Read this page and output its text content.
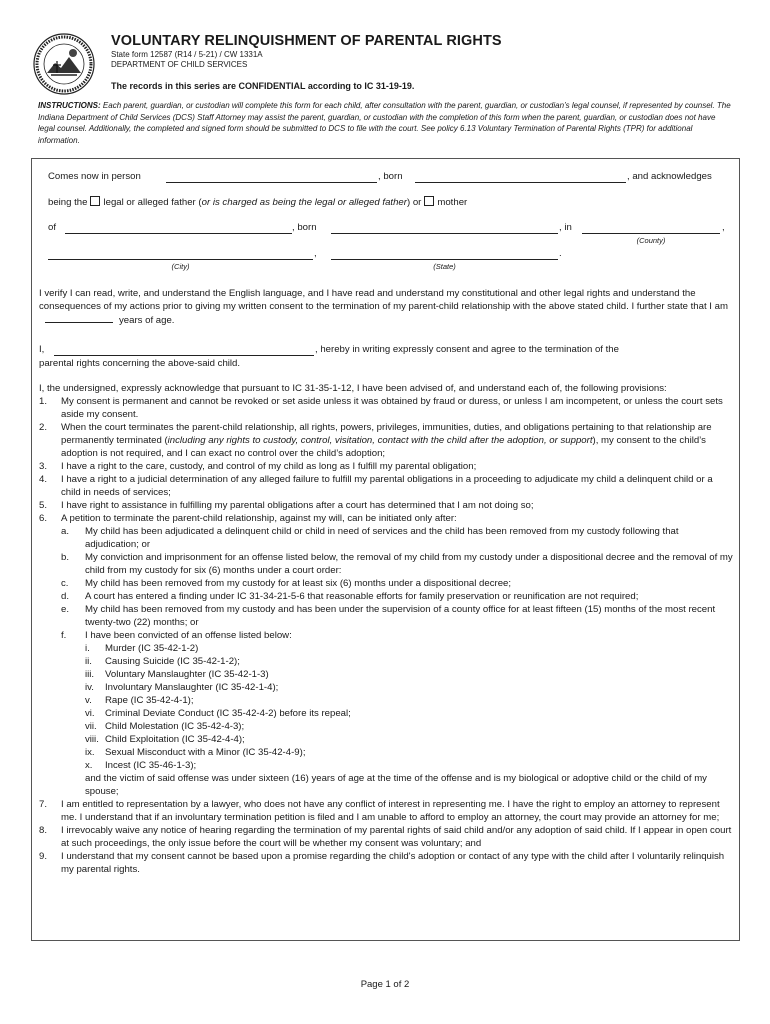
VOLUNTARY RELINQUISHMENT OF PARENTAL RIGHTS
State form 12587 (R14 / 5-21) / CW 1331A
DEPARTMENT OF CHILD SERVICES
The records in this series are CONFIDENTIAL according to IC 31-19-19.
INSTRUCTIONS: Each parent, guardian, or custodian will complete this form for each child, after consultation with the parent, guardian, or custodian’s legal counsel, if represented by counsel. The Indiana Department of Child Services (DCS) Staff Attorney may assist the parent, guardian, or custodian with the completion of this form when the parent, guardian, or custodian does not have legal counsel. Additionally, the completed and signed form should be submitted to DCS to file with the court. See policy 6.13 Voluntary Termination of Parental Rights (TPR) for additional information.
Comes now in person	, born	, and acknowledges
being the legal or alleged father (or is charged as being the legal or alleged father) or mother
of	, born	, in	,
(County)
,	.
(City)	(State)
I verify I can read, write, and understand the English language, and I have read and understand my constitutional and other legal rights and understand the consequences of my actions prior to giving my written consent to the termination of my parent-child relationship with the above stated child. I further state that I am years of age.
I,	, hereby in writing expressly consent and agree to the termination of the
parental rights concerning the above-said child.
I, the undersigned, expressly acknowledge that pursuant to IC 31-35-1-12, I have been advised of, and understand each of, the following provisions:
1. My consent is permanent and cannot be revoked or set aside unless it was obtained by fraud or duress, or unless I am incompetent, or unless the court sets aside my consent.
2. When the court terminates the parent-child relationship, all rights, powers, privileges, immunities, duties, and obligations pertaining to that relationship are permanently terminated (including any rights to custody, control, visitation, contact with the child after the adoption, or support), my consent to the child’s adoption is not required, and I can exact no control over the child’s adoption;
3. I have a right to the care, custody, and control of my child as long as I fulfill my parental obligation;
4. I have a right to a judicial determination of any alleged failure to fulfill my parental obligations in a proceeding to adjudicate my child a delinquent child or a child in needs of services;
5. I have right to assistance in fulfilling my parental obligations after a court has determined that I am not doing so;
6. A petition to terminate the parent-child relationship, against my will, can be initiated only after:
a. My child has been adjudicated a delinquent child or child in need of services and the child has been removed from my custody following that adjudication; or
b. My conviction and imprisonment for an offense listed below, the removal of my child from my custody under a dispositional decree and the removal of my child from my custody for six (6) months under a court order:
c. My child has been removed from my custody for at least six (6) months under a dispositional decree;
d. A court has entered a finding under IC 31-34-21-5-6 that reasonable efforts for family preservation or reunification are not required;
e. My child has been removed from my custody and has been under the supervision of a county office for at least fifteen (15) months of the most recent twenty-two (22) months; or
f. I have been convicted of an offense listed below:
i. Murder (IC 35-42-1-2)
ii. Causing Suicide (IC 35-42-1-2);
iii. Voluntary Manslaughter (IC 35-42-1-3)
iv. Involuntary Manslaughter (IC 35-42-1-4);
v. Rape (IC 35-42-4-1);
vi. Criminal Deviate Conduct (IC 35-42-4-2) before its repeal;
vii. Child Molestation (IC 35-42-4-3);
viii. Child Exploitation (IC 35-42-4-4);
ix. Sexual Misconduct with a Minor (IC 35-42-4-9);
x. Incest (IC 35-46-1-3);
and the victim of said offense was under sixteen (16) years of age at the time of the offense and is my biological or adoptive child or the child of my spouse;
7. I am entitled to representation by a lawyer, who does not have any conflict of interest in representing me. I have the right to employ an attorney to represent me. I understand that if an involuntary termination petition is filed and I am unable to afford to employ an attorney, the court may provide an attorney for me;
8. I irrevocably waive any notice of hearing regarding the termination of my parental rights of said child and/or any adoption of said child. If I appear in open court at such proceedings, the only issue before the court will be whether my consent was voluntary; and
9. I understand that my consent cannot be based upon a promise regarding the child's adoption or contact of any type with the child after I voluntarily relinquish my parental rights.
Page 1 of 2
